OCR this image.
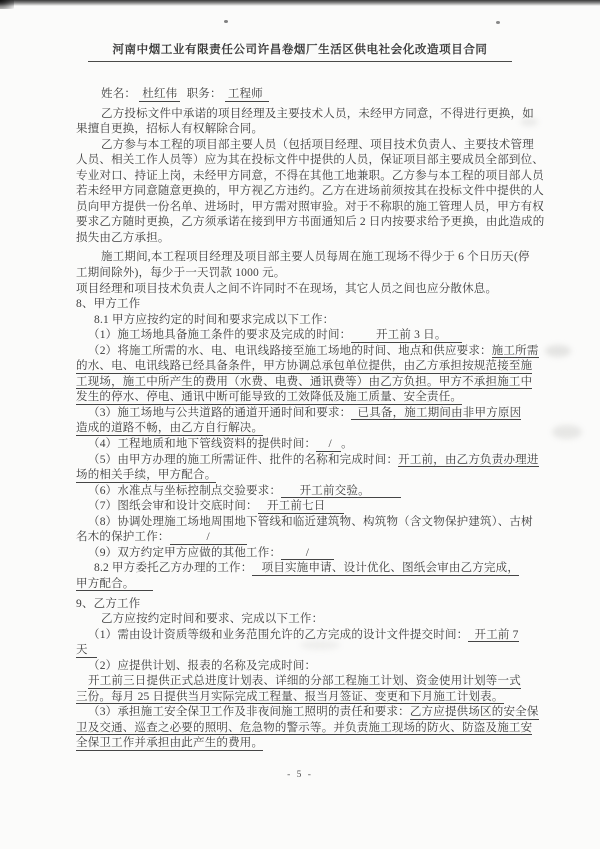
河南中烟工业有限责任公司许昌卷烟厂生活区供电社会化改造项目合同
姓名：  杜红伟   职务：  工程师
乙方投标文件中承诺的项目经理及主要技术人员，未经甲方同意，不得进行更换，如
果擅自更换，招标人有权解除合同。
乙方参与本工程的项目部主要人员（包括项目经理、项目技术负责人、主要技术管理
人员、相关工作人员等）应为其在投标文件中提供的人员，保证项目部主要成员全部到位、
专业对口、持证上岗，未经甲方同意，不得在其他工地兼职。乙方参与本工程的项目部人员
若未经甲方同意随意更换的，甲方视乙方违约。乙方在进场前须按其在投标文件中提供的人
员向甲方提供一份名单、进场时，甲方需对照审验。对于不称职的施工管理人员，甲方有权
要求乙方随时更换，乙方须承诺在接到甲方书面通知后 2 日内按要求给予更换，由此造成的
损失由乙方承担。
施工期间,本工程项目经理及项目部主要人员每周在施工现场不得少于 6 个日历天(停
工期间除外)，每少于一天罚款 1000 元。
项目经理和项目技术负责人之间不许同时不在现场，其它人员之间也应分散休息。
8、甲方工作
8.1 甲方应按约定的时间和要求完成以下工作：
（1）施工场地具备施工条件的要求及完成的时间：        开工前 3 日。
（2）将施工所需的水、电、电讯线路接至施工场地的时间、地点和供应要求：施工所需
的水、电、电讯线路已经具备条件，甲方协调总承包单位提供，由乙方承担按规范接至施
工现场，施工中所产生的费用（水费、电费、通讯费等）由乙方负担。甲方不承担施工中
发生的停水、停电、通讯中断可能导致的工效降低及施工质量、安全责任。
（3）施工场地与公共道路的通道开通时间和要求：  已具备，施工期间由非甲方原因
造成的道路不畅，由乙方自行解决。
（4）工程地质和地下管线资料的提供时间：    /   。
（5）由甲方办理的施工所需证件、批件的名称和完成时间：开工前，由乙方负责办理进
场的相关手续，甲方配合。
（6）水准点与坐标控制点交验要求：      开工前交验。
（7）图纸会审和设计交底时间：   开工前七日
（8）协调处理施工场地周围地下管线和临近建筑物、构筑物（含文物保护建筑）、古树
名木的保护工作：            /
（9）双方约定甲方应做的其他工作：        /
8.2 甲方委托乙方办理的工作：   项目实施申请、设计优化、图纸会审由乙方完成，
甲方配合。
9、乙方工作
乙方应按约定时间和要求、完成以下工作：
（1）需由设计资质等级和业务范围允许的乙方完成的设计文件提交时间：  开工前 7
天
（2）应提供计划、报表的名称及完成时间：
开工前三日提供正式总进度计划表、详细的分部工程施工计划、资金使用计划等一式
三份。每月 25 日提供当月实际完成工程量、报当月签证、变更和下月施工计划表。
（3）承担施工安全保卫工作及非夜间施工照明的责任和要求：乙方应提供场区的安全保
卫及交通、巡查之必要的照明、危急物的警示等。并负责施工现场的防火、防盗及施工安
全保卫工作并承担由此产生的费用。
- 5 -
